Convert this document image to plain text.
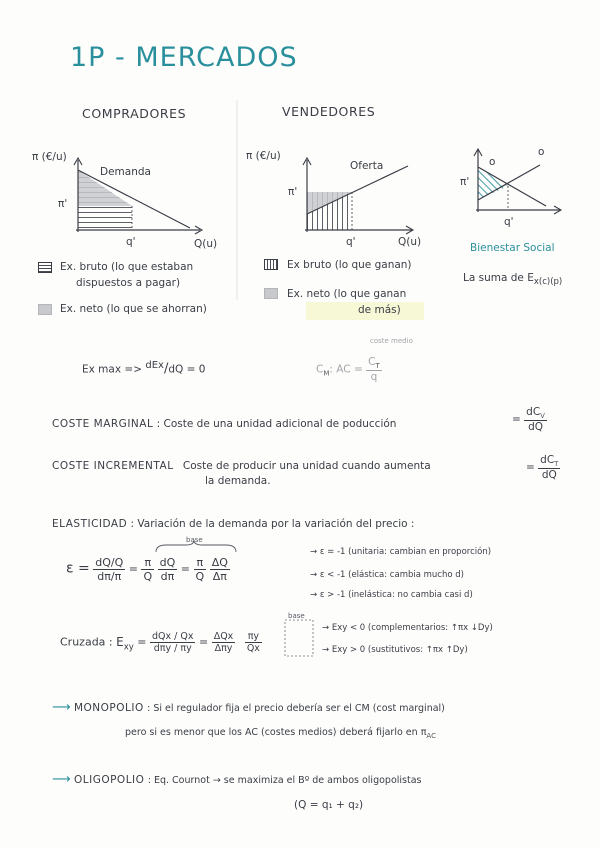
1P - MERCADOS
COMPRADORES	VENDEDORES
π (€/u)
Demanda
π'
q'	Q(u)
Ex. bruto (lo que estaban
dispuestos a pagar)
Ex. neto (lo que se ahorran)
π (€/u)
Oferta
π'
q'	Q(u)
Ex bruto (lo que ganan)
Ex. neto (lo que ganan
de más)
o
o
π'
q'
Bienestar Social
La suma de $E_{x(c)(p)}$
Ex max => $^{dEx}$/dQ = 0
coste medio
$C_M$: AC = $\frac{C_T}{q}$
COSTE MARGINAL : Coste de una unidad adicional de poducción	= $\frac{dC_V}{dQ}$
COSTE INCREMENTAL Coste de producir una unidad cuando aumenta
la demanda.
= $\frac{dC_T}{dQ}$
ELASTICIDAD : Variación de la demanda por la variación del precio :
base
$\varepsilon = \frac{dQ/Q}{d\pi/\pi} = \frac{\pi}{Q}$
$\frac{dQ}{d\pi} = \frac{\pi}{Q}$
$\frac{\Delta Q}{\Delta\pi}$
→ ε = -1 (unitaria: cambian en proporción)
→ ε < -1 (elástica: cambia mucho d)
→ ε > -1 (inelástica: no cambia casi d)
Cruzada : $E_{xy} = \frac{\text{dQx / Qx}}{\text{dπy / πy}} = \frac{\text{ΔQx}}{\text{Δπy}}$
$\frac{\pi y}{Qx}$
base
→ Exy < 0 (complementarios: ↑πx ↓Dy)
→ Exy > 0 (sustitutivos: ↑πx ↑Dy)
⟶ MONOPOLIO : Si el regulador fija el precio debería ser el CM (cost marginal)
pero si es menor que los AC (costes medios) deberá fijarlo en $\pi_{AC}$
⟶ OLIGOPOLIO : Eq. Cournot → se maximiza el Bº de ambos oligopolistas
(Q = q₁ + q₂)
